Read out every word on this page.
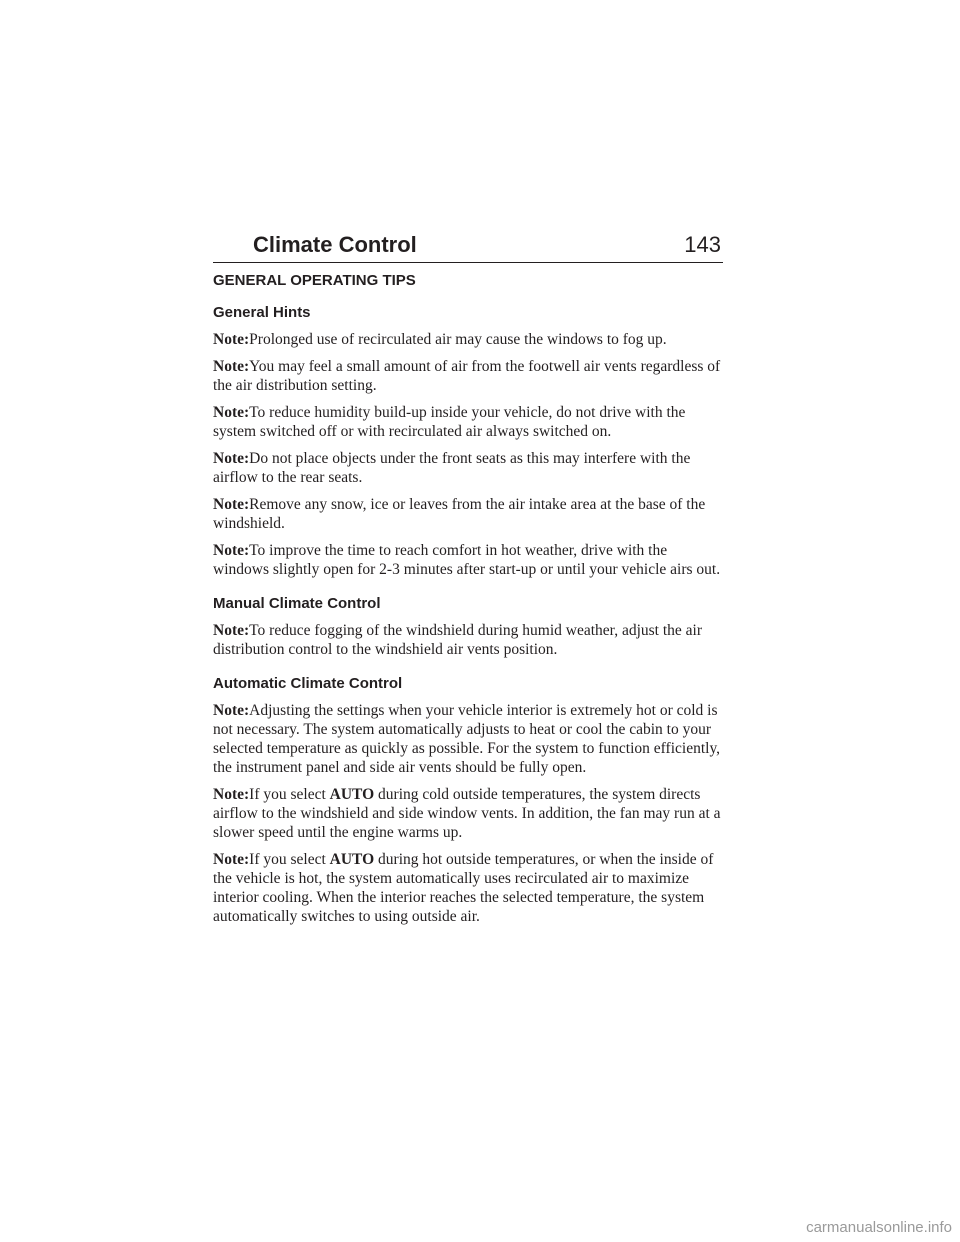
Climate Control	143
GENERAL OPERATING TIPS
General Hints

Note:Prolonged use of recirculated air may cause the windows to fog up.

Note:You may feel a small amount of air from the footwell air vents regardless of the air distribution setting.

Note:To reduce humidity build-up inside your vehicle, do not drive with the system switched off or with recirculated air always switched on.

Note:Do not place objects under the front seats as this may interfere with the airflow to the rear seats.

Note:Remove any snow, ice or leaves from the air intake area at the base of the windshield.

Note:To improve the time to reach comfort in hot weather, drive with the windows slightly open for 2-3 minutes after start-up or until your vehicle airs out.

Manual Climate Control

Note:To reduce fogging of the windshield during humid weather, adjust the air distribution control to the windshield air vents position.

Automatic Climate Control

Note:Adjusting the settings when your vehicle interior is extremely hot or cold is not necessary. The system automatically adjusts to heat or cool the cabin to your selected temperature as quickly as possible. For the system to function efficiently, the instrument panel and side air vents should be fully open.

Note:If you select AUTO during cold outside temperatures, the system directs airflow to the windshield and side window vents. In addition, the fan may run at a slower speed until the engine warms up.

Note:If you select AUTO during hot outside temperatures, or when the inside of the vehicle is hot, the system automatically uses recirculated air to maximize interior cooling. When the interior reaches the selected temperature, the system automatically switches to using outside air.

carmanualsonline.info
